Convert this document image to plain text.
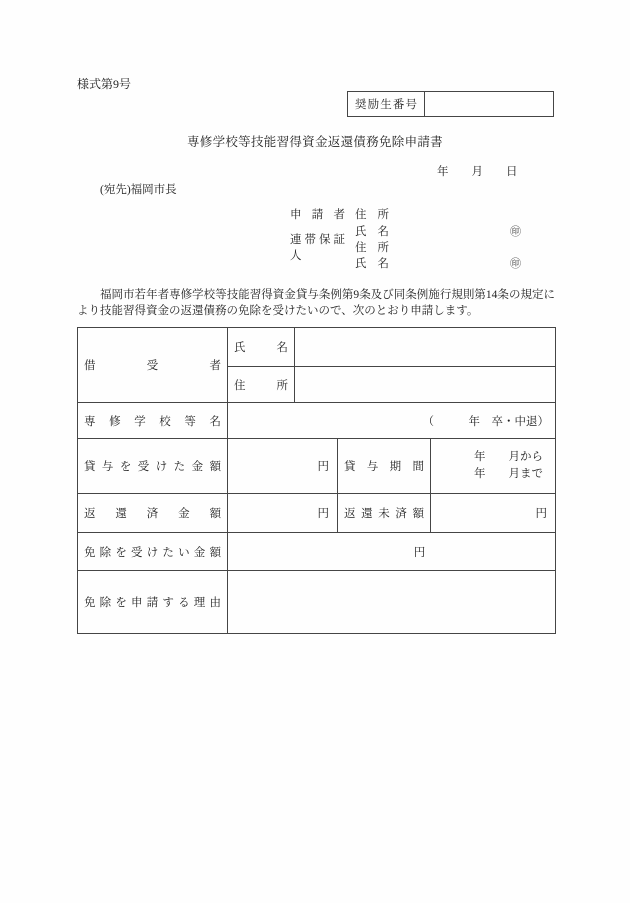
様式第9号
奨励生番号
専修学校等技能習得資金返還債務免除申請書
年　　月　　日
(宛先)福岡市長
申請者 住所
氏名	㊞
連帯保証人
住所
氏名	㊞
福岡市若年者専修学校等技能習得資金貸与条例第9条及び同条例施行規則第14条の規定により技能習得資金の返還債務の免除を受けたいので、次のとおり申請します。
借受者	氏名			
	住所			
専修学校等名	（　　　年　卒・中退）			
貸与を受けた金額	円		貸与期間	年　　月から
年　　月まで

返還済金額	円		返還未済額	円
免除を受けたい金額	円			
免除を申請する理由				
